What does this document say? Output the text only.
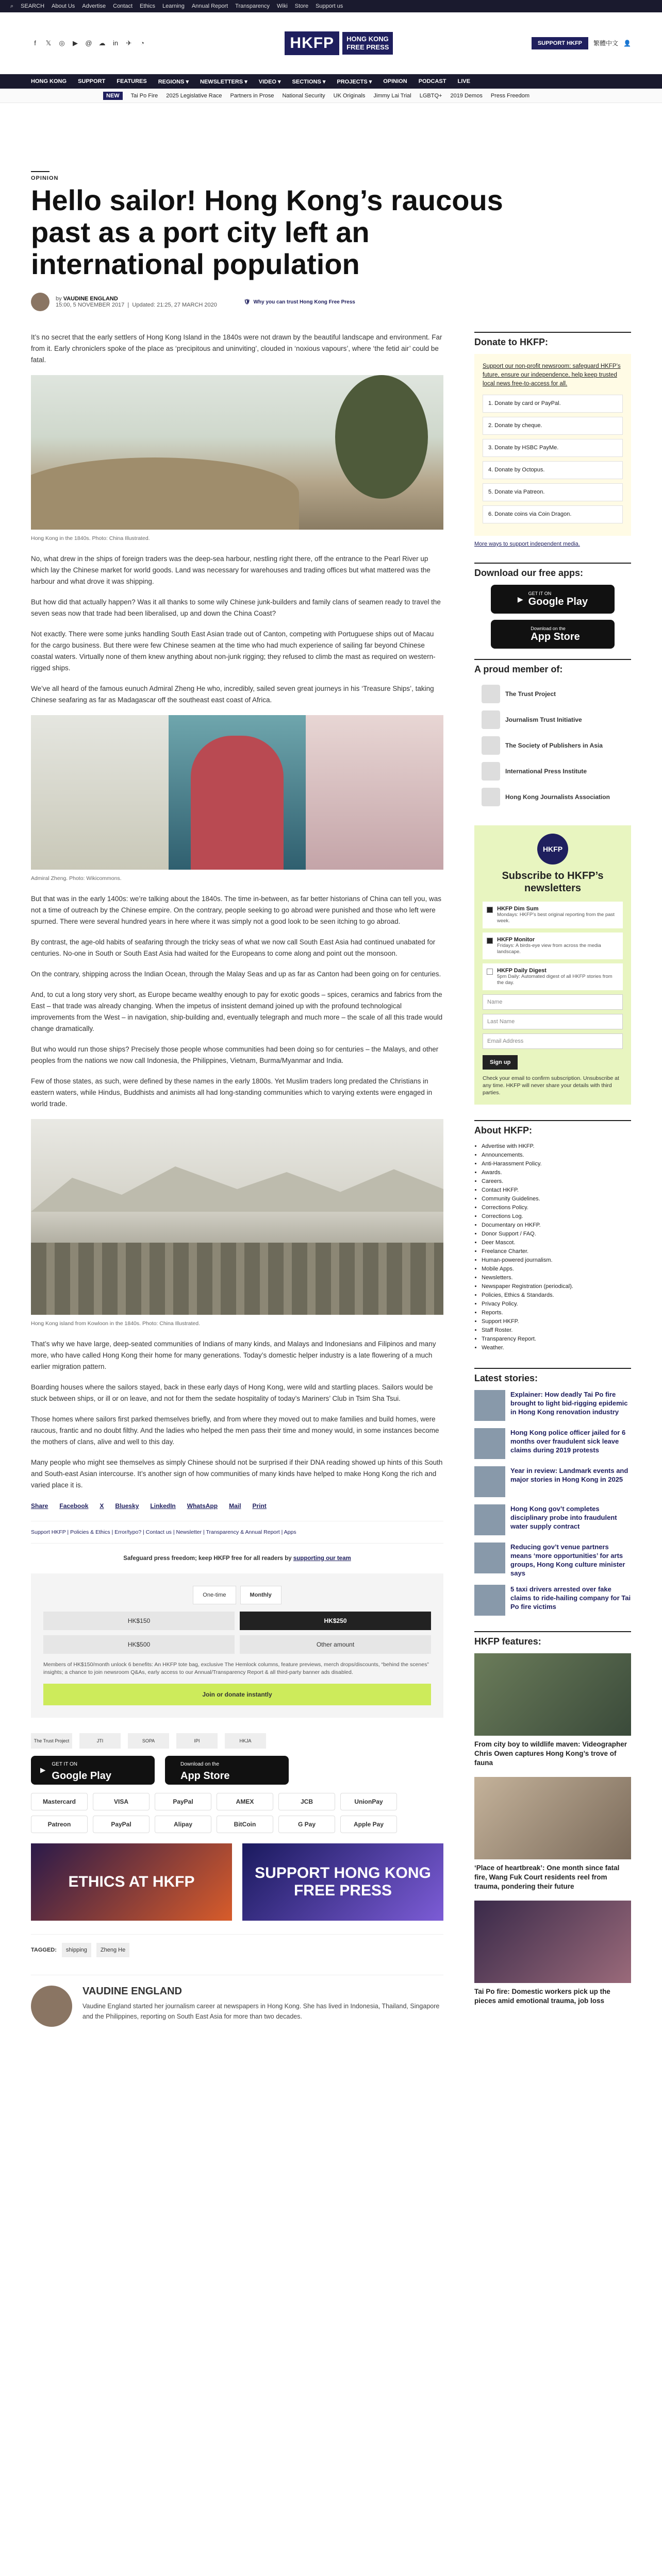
⌕ SEARCH About Us Advertise Contact Ethics Learning Annual Report Transparency Wiki Store Support us
f	𝕏 ◎ ▶ @ ☁ in ✈	◔	HKFP	HONG KONG
FREE PRESS	SUPPORT HKFP	繁體中文 👤
HONG KONG SUPPORT FEATURES REGIONS ▾ NEWSLETTERS ▾ VIDEO ▾ SECTIONS ▾ PROJECTS ▾ OPINION PODCAST LIVE
NEW	Tai Po Fire 2025 Legislative Race Partners in Prose National Security UK Originals Jimmy Lai Trial LGBTQ+ 2019 Demos Press Freedom
OPINION
Hello sailor! Hong Kong’s raucous past as a port city left an international population
by VAUDINE ENGLAND
15:00, 5 NOVEMBER 2017  |  Updated: 21:25, 27 MARCH 2020	🛡 Why you can trust Hong Kong Free Press

It’s no secret that the early settlers of Hong Kong Island in the 1840s were not drawn by the beautiful landscape and environment. Far from it. Early chroniclers spoke of the place as ‘precipitous and uninviting’, clouded in ‘noxious vapours’, where ‘the fetid air’ could be fatal.

Hong Kong in the 1840s. Photo: China Illustrated.

No, what drew in the ships of foreign traders was the deep-sea harbour, nestling right there, off the entrance to the Pearl River up which lay the Chinese market for world goods. Land was necessary for warehouses and trading offices but what mattered was the harbour and what drove it was shipping.

But how did that actually happen? Was it all thanks to some wily Chinese junk-builders and family clans of seamen ready to travel the seven seas now that trade had been liberalised, up and down the China Coast?

Not exactly. There were some junks handling South East Asian trade out of Canton, competing with Portuguese ships out of Macau for the cargo business. But there were few Chinese seamen at the time who had much experience of sailing far beyond Chinese coastal waters. Virtually none of them knew anything about non-junk rigging; they refused to climb the mast as required on western-rigged ships.

We’ve all heard of the famous eunuch Admiral Zheng He who, incredibly, sailed seven great journeys in his ‘Treasure Ships’, taking Chinese seafaring as far as Madagascar off the southeast east coast of Africa.

Admiral Zheng. Photo: Wikicommons.

But that was in the early 1400s: we’re talking about the 1840s. The time in-between, as far better historians of China can tell you, was not a time of outreach by the Chinese empire. On the contrary, people seeking to go abroad were punished and those who left were spurned. There were several hundred years in here where it was simply not a good look to be seen itching to go abroad.

By contrast, the age-old habits of seafaring through the tricky seas of what we now call South East Asia had continued unabated for centuries. No-one in South or South East Asia had waited for the Europeans to come along and point out the monsoon.

On the contrary, shipping across the Indian Ocean, through the Malay Seas and up as far as Canton had been going on for centuries.

And, to cut a long story very short, as Europe became wealthy enough to pay for exotic goods – spices, ceramics and fabrics from the East – that trade was already changing. When the impetus of insistent demand joined up with the profound technological improvements from the West – in navigation, ship-building and, eventually telegraph and much more – the scale of all this trade would change dramatically.

But who would run those ships? Precisely those people whose communities had been doing so for centuries – the Malays, and other peoples from the nations we now call Indonesia, the Philippines, Vietnam, Burma/Myanmar and India.

Few of those states, as such, were defined by these names in the early 1800s. Yet Muslim traders long predated the Christians in eastern waters, while Hindus, Buddhists and animists all had long-standing communities which to varying extents were engaged in world trade.

Hong Kong island from Kowloon in the 1840s. Photo: China Illustrated.

That’s why we have large, deep-seated communities of Indians of many kinds, and Malays and Indonesians and Filipinos and many more, who have called Hong Kong their home for many generations. Today’s domestic helper industry is a late flowering of a much earlier migration pattern.

Boarding houses where the sailors stayed, back in these early days of Hong Kong, were wild and startling places. Sailors would be stuck between ships, or ill or on leave, and not for them the sedate hospitality of today’s Mariners’ Club in Tsim Sha Tsui.

Those homes where sailors first parked themselves briefly, and from where they moved out to make families and build homes, were raucous, frantic and no doubt filthy. And the ladies who helped the men pass their time and money would, in some instances become the mothers of clans, alive and well to this day.

Many people who might see themselves as simply Chinese should not be surprised if their DNA reading showed up hints of this South and South-east Asian intercourse. It’s another sign of how communities of many kinds have helped to make Hong Kong the rich and varied place it is.

Share Facebook X Bluesky LinkedIn WhatsApp Mail Print
Support HKFP | Policies & Ethics | Error/typo? | Contact us | Newsletter | Transparency & Annual Report | Apps
Safeguard press freedom; keep HKFP free for all readers by supporting our team
One-time	Monthly
HK$150	HK$250
HK$500	Other amount
Members of HK$150/month unlock 6 benefits: An HKFP tote bag, exclusive The Hemlock columns, feature previews, merch drops/discounts, “behind the scenes” insights; a chance to join newsroom Q&As, early access to our Annual/Transparency Report & all third-party banner ads disabled.
Join or donate instantly
The Trust Project	JTI	SOPA	IPI	HKJA
▶
GET IT ON
Google Play
Download on the
App Store
Mastercard	VISA	PayPal	AMEX	JCB	UnionPay
Patreon	PayPal	Alipay	BitCoin	G Pay	Apple Pay
ETHICS AT HKFP
SUPPORT HONG KONG FREE PRESS
TAGGED:	shipping	Zheng He
VAUDINE ENGLAND
Vaudine England started her journalism career at newspapers in Hong Kong. She has lived in Indonesia, Thailand, Singapore and the Philippines, reporting on South East Asia for more than two decades.
Donate to HKFP:

Support our non-profit newsroom: safeguard HKFP’s future, ensure our independence, help keep trusted local news free-to-access for all.

1. Donate by card or PayPal.
2. Donate by cheque.
3. Donate by HSBC PayMe.
4. Donate by Octopus.
5. Donate via Patreon.
6. Donate coins via Coin Dragon.
More ways to support independent media.
Download our free apps:
▶
GET IT ON
Google Play
Download on the
App Store
A proud member of:
The Trust Project
Journalism Trust Initiative
The Society of Publishers in Asia
International Press Institute
Hong Kong Journalists Association
HKFP
Subscribe to HKFP’s newsletters
HKFP Dim Sum
Mondays: HKFP’s best original reporting from the past week.
HKFP Monitor
Fridays: A birds-eye view from across the media landscape.
HKFP Daily Digest
5pm Daily: Automated digest of all HKFP stories from the day.
Name
Last Name
Email Address
Sign up
Check your email to confirm subscription. Unsubscribe at any time. HKFP will never share your details with third parties.
About HKFP:
• Advertise with HKFP.
• Announcements.
• Anti-Harassment Policy.
• Awards.
• Careers.
• Contact HKFP.
• Community Guidelines.
• Corrections Policy.
• Corrections Log.
• Documentary on HKFP.
• Donor Support / FAQ.
• Deer Mascot.
• Freelance Charter.
• Human-powered journalism.
• Mobile Apps.
• Newsletters.
• Newspaper Registration (periodical).
• Policies, Ethics & Standards.
• Privacy Policy.
• Reports.
• Support HKFP.
• Staff Roster.
• Transparency Report.
• Weather.
Latest stories:
Explainer: How deadly Tai Po fire brought to light bid-rigging epidemic in Hong Kong renovation industry
Hong Kong police officer jailed for 6 months over fraudulent sick leave claims during 2019 protests
Year in review: Landmark events and major stories in Hong Kong in 2025
Hong Kong gov’t completes disciplinary probe into fraudulent water supply contract
Reducing gov’t venue partners means ‘more opportunities’ for arts groups, Hong Kong culture minister says
5 taxi drivers arrested over fake claims to ride-hailing company for Tai Po fire victims
HKFP features:
From city boy to wildlife maven: Videographer Chris Owen captures Hong Kong’s trove of fauna
‘Place of heartbreak’: One month since fatal fire, Wang Fuk Court residents reel from trauma, pondering their future
Tai Po fire: Domestic workers pick up the pieces amid emotional trauma, job loss
